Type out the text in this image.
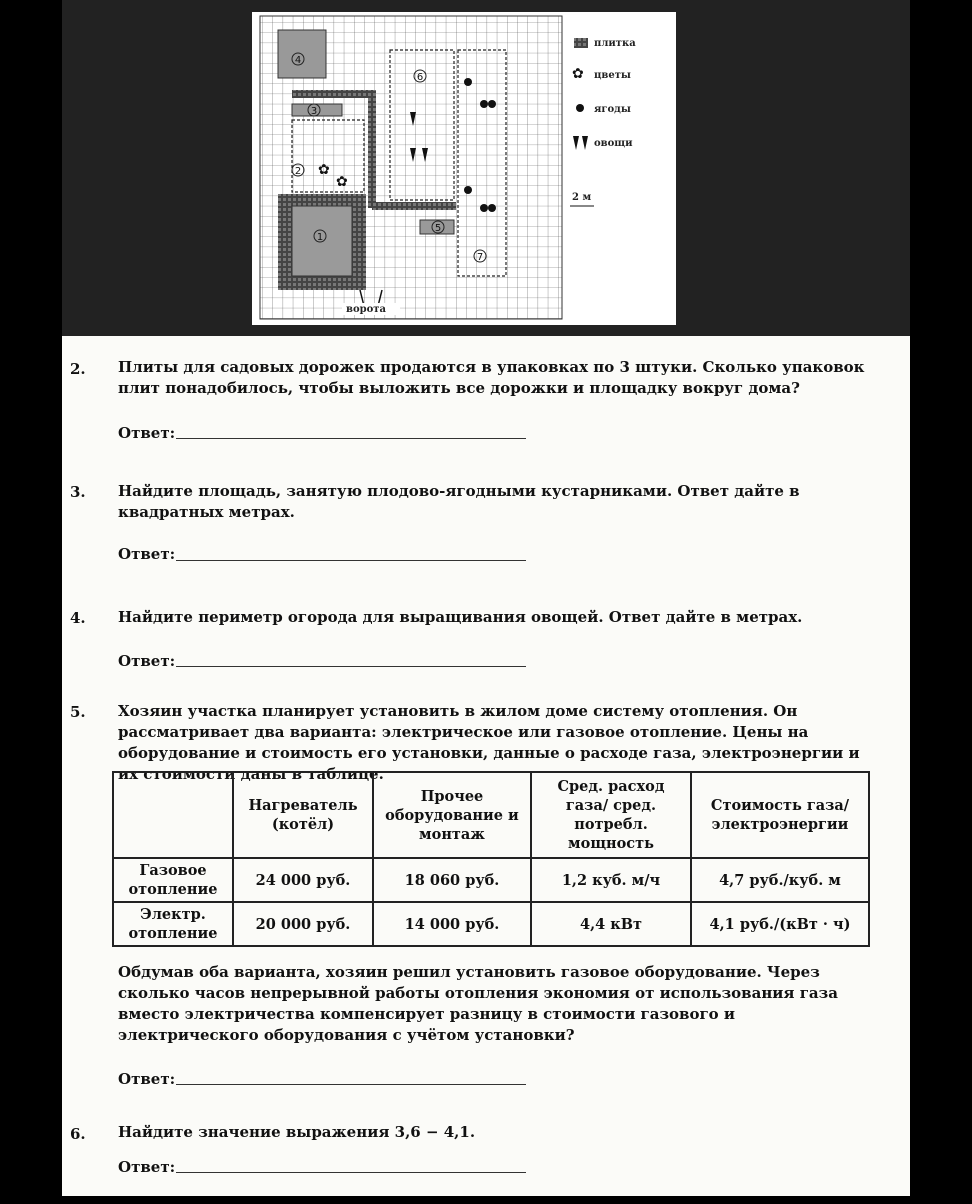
4
1
2
3
5
6
7
✿
✿
ворота
плитка
✿ цветы
ягоды
овощи
2 м
2. Плиты для садовых дорожек продаются в упаковках по 3 штуки. Сколько упаковок плит понадобилось, чтобы выложить все дорожки и площадку вокруг дома?
Ответ:
3. Найдите площадь, занятую плодово-ягодными кустарниками. Ответ дайте в квадратных метрах.
Ответ:
4. Найдите периметр огорода для выращивания овощей. Ответ дайте в метрах.
Ответ:
5. Хозяин участка планирует установить в жилом доме систему отопления. Он рассматривает два варианта: электрическое или газовое отопление. Цены на оборудование и стоимость его установки, данные о расходе газа, электроэнергии и их стоимости даны в таблице.
	Нагреватель (котёл)	Прочее оборудование и монтаж	Сред. расход газа/ сред. потребл. мощность	Стоимость газа/ электроэнергии
Газовое отопление	24 000 руб.	18 060 руб.	1,2 куб. м/ч	4,7 руб./куб. м
Электр. отопление	20 000 руб.	14 000 руб.	4,4 кВт	4,1 руб./(кВт · ч)
Обдумав оба варианта, хозяин решил установить газовое оборудование. Через сколько часов непрерывной работы отопления экономия от использования газа вместо электричества компенсирует разницу в стоимости газового и электрического оборудования с учётом установки?
Ответ:
6. Найдите значение выражения 3,6 − 4,1.
Ответ:
